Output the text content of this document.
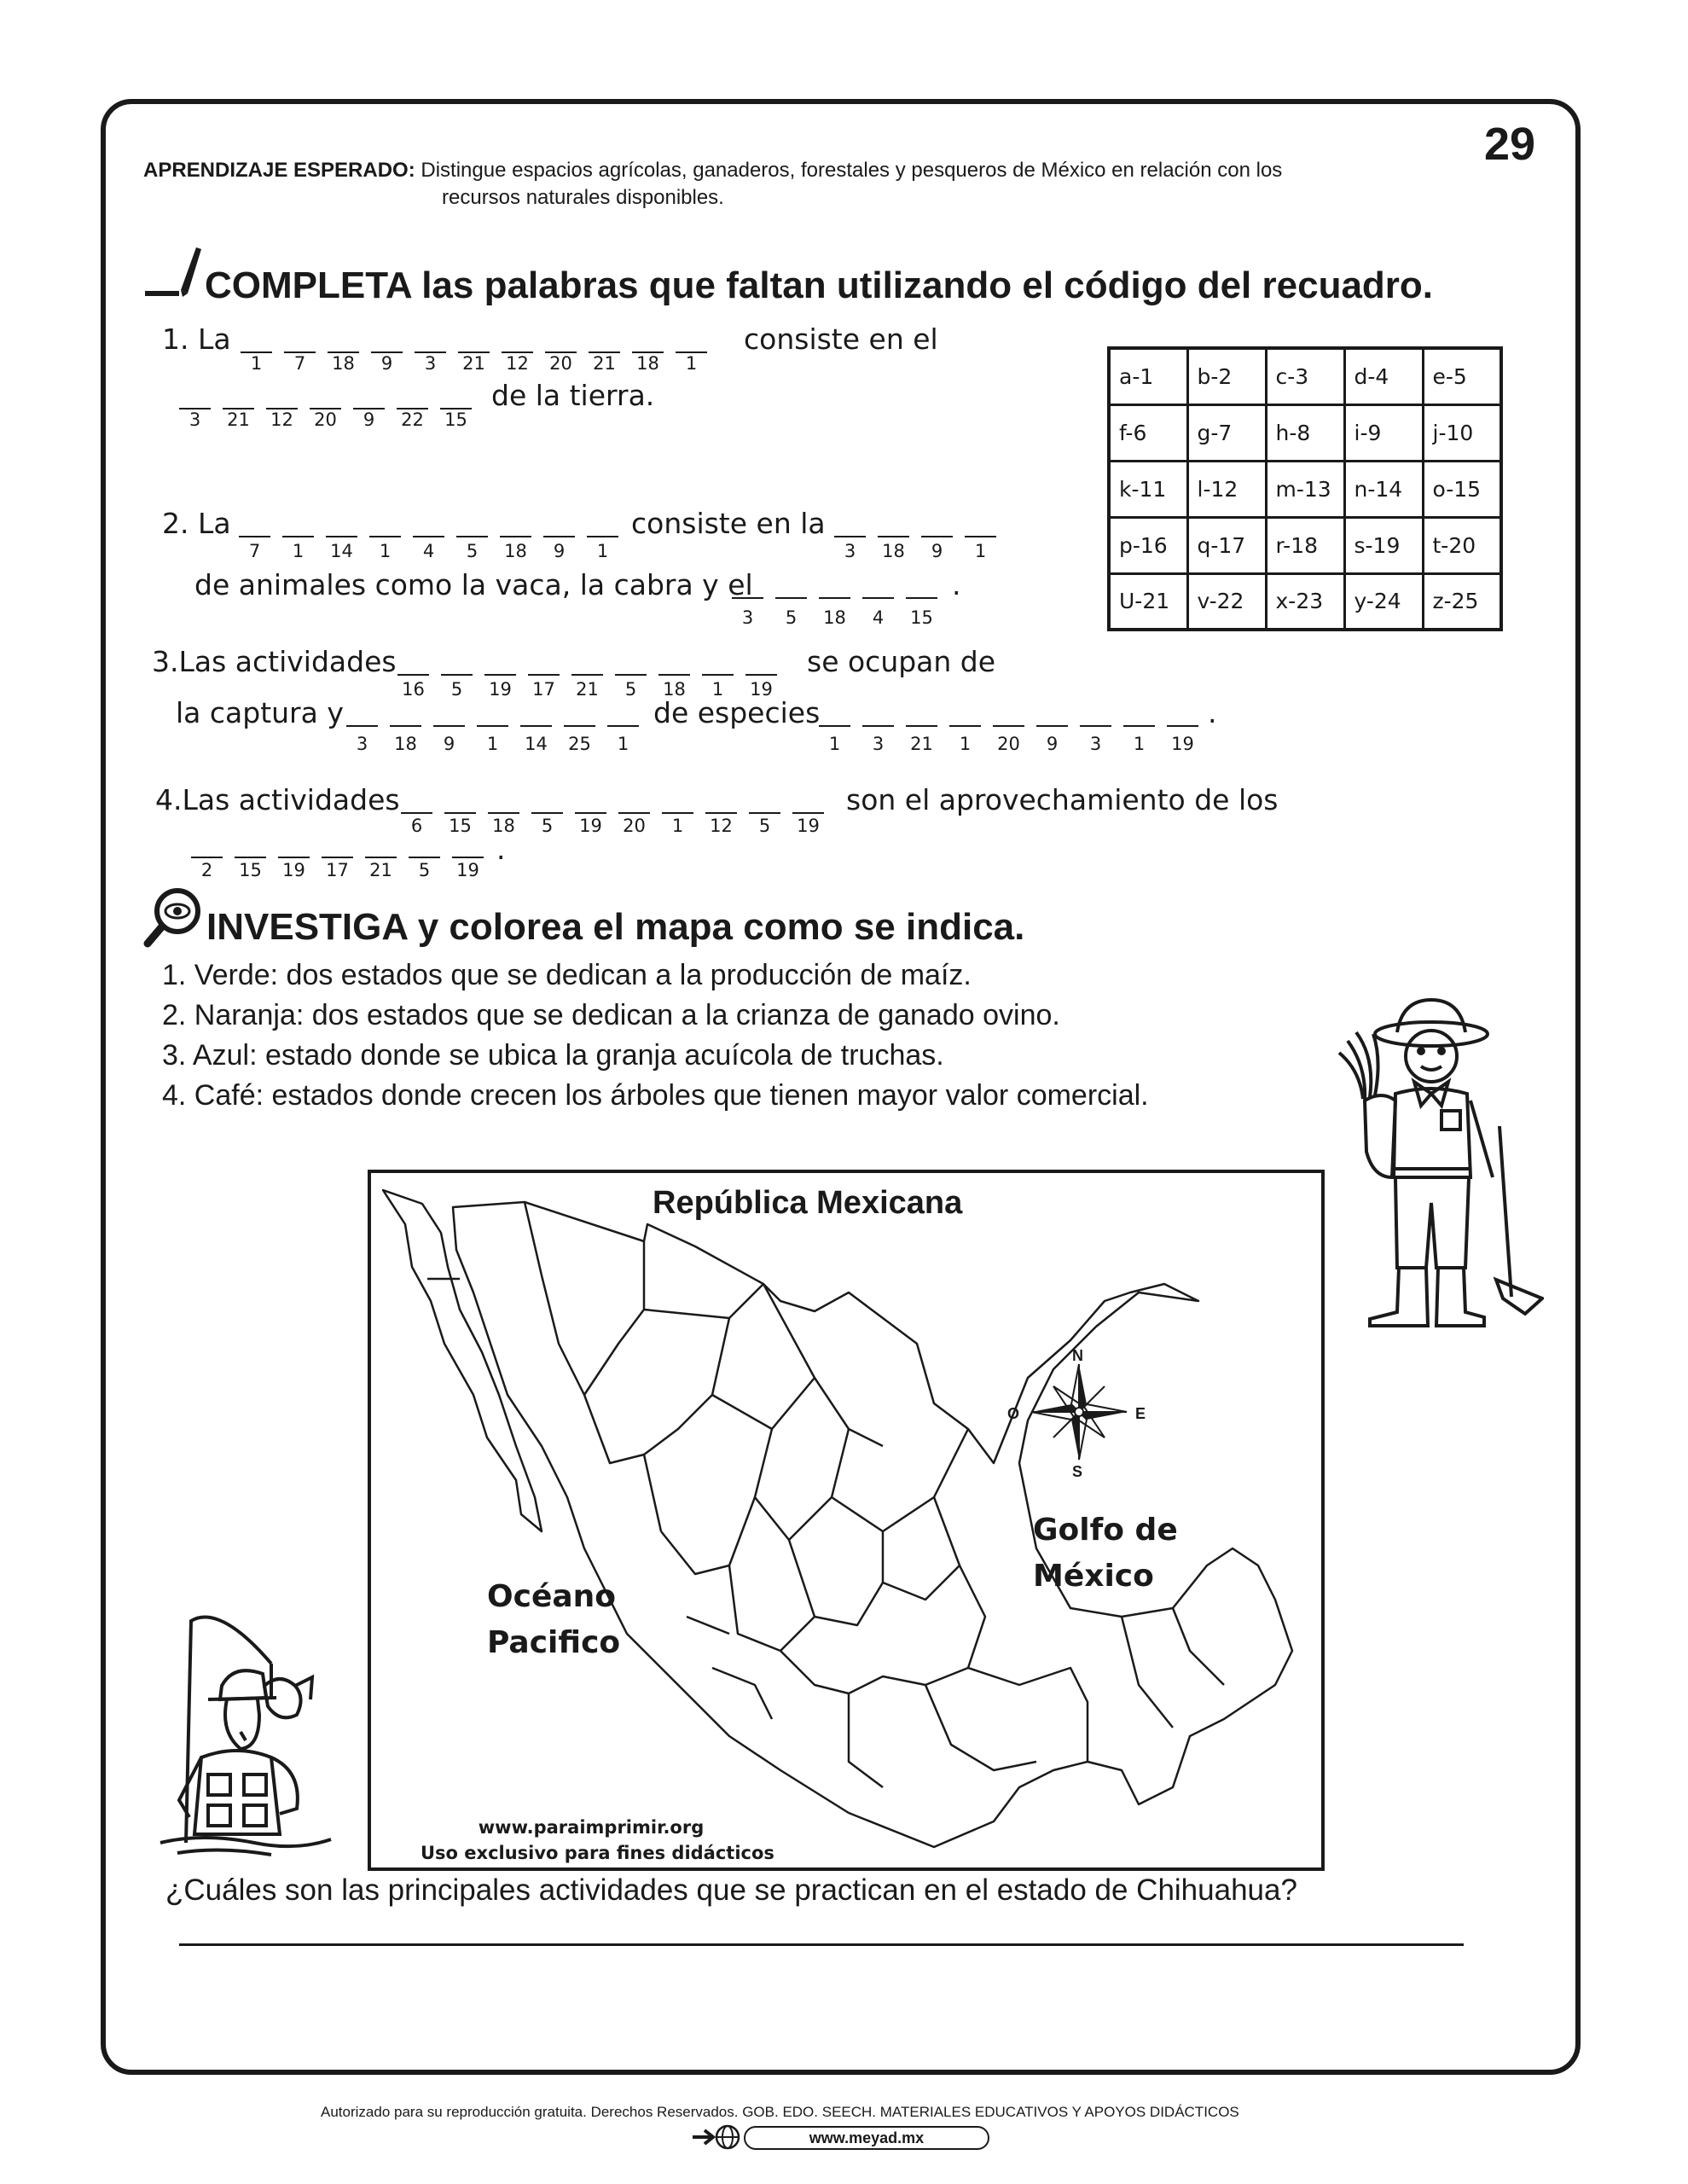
29
APRENDIZAJE ESPERADO: Distingue espacios agrícolas, ganaderos, forestales y pesqueros de México en relación con los
recursos naturales disponibles.
COMPLETA las palabras que faltan utilizando el código del recuadro.
1. La
1	7	18	9	3	21 12 20 21 18	1
consiste en el
3	21 12 20	9	22 15
de la tierra.
2. La
7	1	14	1	4	5	18	9	1
consiste en la
3	18	9	1
de animales como la vaca, la cabra y el
3	5	18	4	15
.
3.Las actividades
16	5	19 17 21	5	18	1	19
se ocupan de
la captura y
3	18	9	1	14 25	1
de especies
1	3	21	1	20	9	3	1	19
.
4.Las actividades
6	15 18	5	19 20	1	12	5	19
son el aprovechamiento de los
2	15 19 17 21	5	19
.
a-1	b-2	c-3	d-4	e-5
f-6	g-7	h-8	i-9	j-10
k-11	l-12	m-13	n-14	o-15
p-16	q-17	r-18	s-19	t-20
U-21	v-22	x-23	y-24	z-25
INVESTIGA y colorea el mapa como se indica.
1. Verde: dos estados que se dedican a la producción de maíz.
2. Naranja: dos estados que se dedican a la crianza de ganado ovino.
3. Azul: estado donde se ubica la granja acuícola de truchas.
4. Café: estados donde crecen los árboles que tienen mayor valor comercial.
República Mexicana
N
S
E
O
Océano
Pacifico
Golfo de
México
www.paraimprimir.org
Uso exclusivo para fines didácticos
¿Cuáles son las principales actividades que se practican en el estado de Chihuahua?
Autorizado para su reproducción gratuita. Derechos Reservados. GOB. EDO. SEECH. MATERIALES EDUCATIVOS Y APOYOS DIDÁCTICOS
www.meyad.mx
